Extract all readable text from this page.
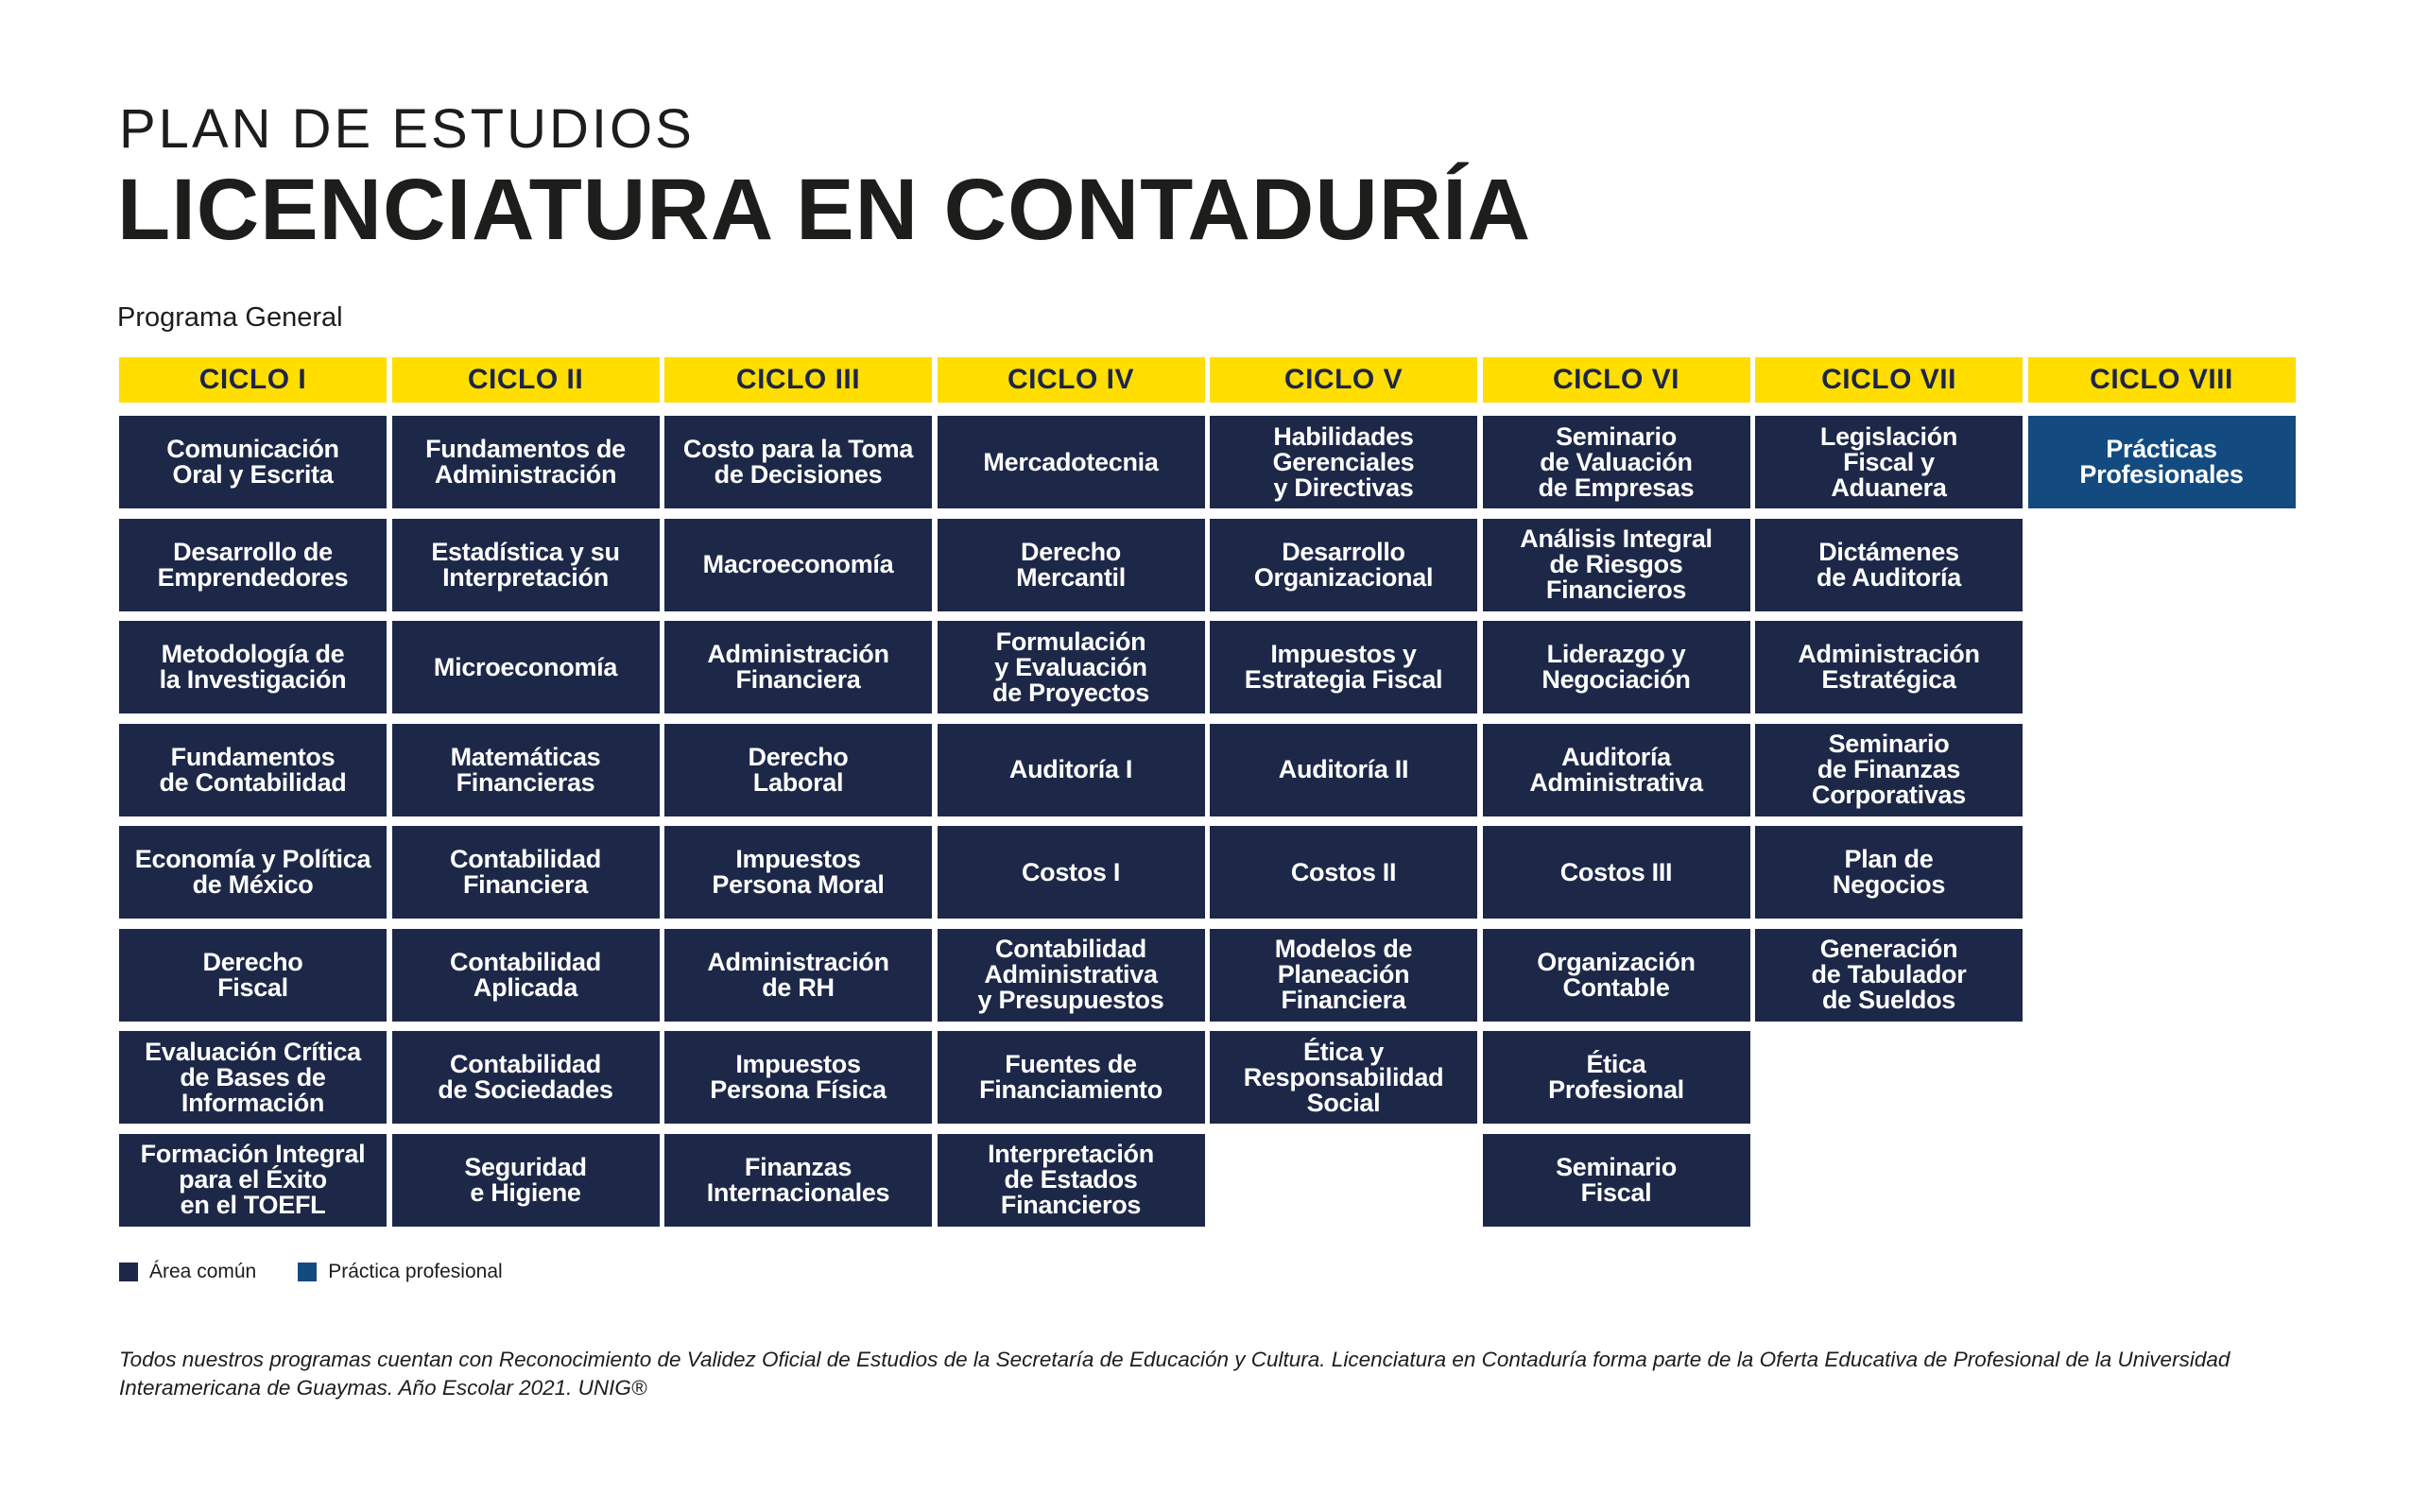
PLAN DE ESTUDIOS
LICENCIATURA EN CONTADURÍA
Programa General
CICLO I
Comunicación
Oral y Escrita
Desarrollo de
Emprendedores
Metodología de
la Investigación
Fundamentos
de Contabilidad
Economía y Política
de México
Derecho
Fiscal
Evaluación Crítica
de Bases de
Información
Formación Integral
para el Éxito
en el TOEFL
CICLO II
Fundamentos de
Administración
Estadística y su
Interpretación
Microeconomía
Matemáticas
Financieras
Contabilidad
Financiera
Contabilidad
Aplicada
Contabilidad
de Sociedades
Seguridad
e Higiene
CICLO III
Costo para la Toma
de Decisiones
Macroeconomía
Administración
Financiera
Derecho
Laboral
Impuestos
Persona Moral
Administración
de RH
Impuestos
Persona Física
Finanzas
Internacionales
CICLO IV
Mercadotecnia
Derecho
Mercantil
Formulación
y Evaluación
de Proyectos
Auditoría I
Costos I
Contabilidad
Administrativa
y Presupuestos
Fuentes de
Financiamiento
Interpretación
de Estados
Financieros
CICLO V
Habilidades
Gerenciales
y Directivas
Desarrollo
Organizacional
Impuestos y
Estrategia Fiscal
Auditoría II
Costos II
Modelos de
Planeación
Financiera
Ética y
Responsabilidad
Social
CICLO VI
Seminario
de Valuación
de Empresas
Análisis Integral
de Riesgos
Financieros
Liderazgo y
Negociación
Auditoría
Administrativa
Costos III
Organización
Contable
Ética
Profesional
Seminario
Fiscal
CICLO VII
Legislación
Fiscal y
Aduanera
Dictámenes
de Auditoría
Administración
Estratégica
Seminario
de Finanzas
Corporativas
Plan de
Negocios
Generación
de Tabulador
de Sueldos
CICLO VIII
Prácticas
Profesionales
Área común	Práctica profesional
Todos nuestros programas cuentan con Reconocimiento de Validez Oficial de Estudios de la Secretaría de Educación y Cultura. Licenciatura en Contaduría forma parte de la Oferta Educativa de Profesional de la Universidad Interamericana de Guaymas. Año Escolar 2021. UNIG®
